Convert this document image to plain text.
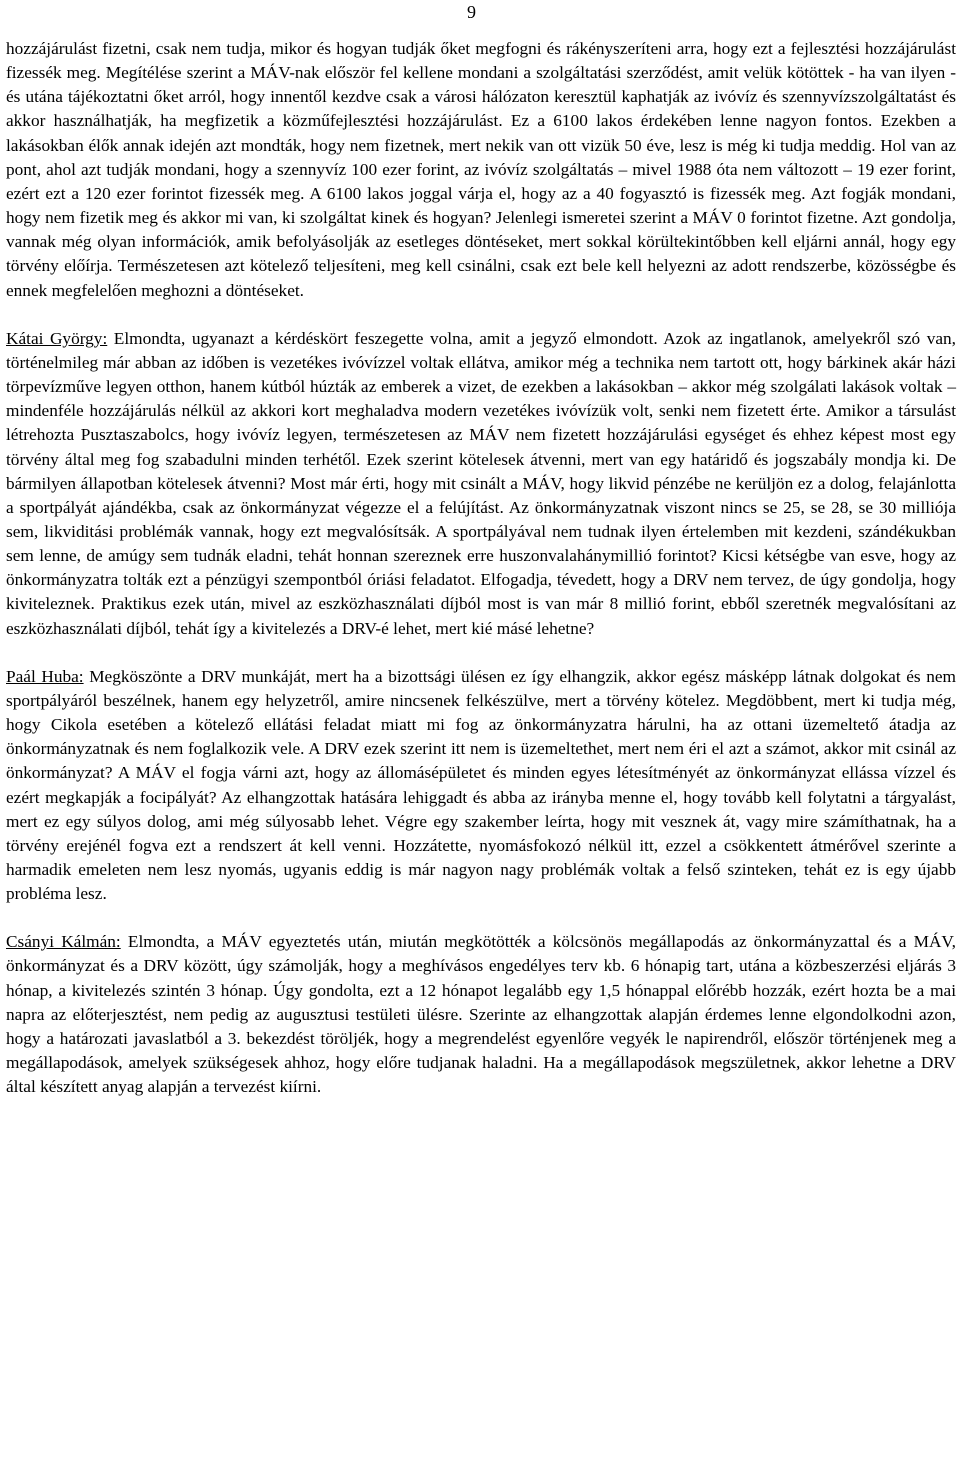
9

hozzájárulást fizetni, csak nem tudja, mikor és hogyan tudják őket megfogni és rákényszeríteni arra, hogy ezt a fejlesztési hozzájárulást fizessék meg. Megítélése szerint a MÁV-nak először fel kellene mondani a szolgáltatási szerződést, amit velük kötöttek - ha van ilyen - és utána tájékoztatni őket arról, hogy innentől kezdve csak a városi hálózaton keresztül kaphatják az ivóvíz és szennyvízszolgáltatást és akkor használhatják, ha megfizetik a közműfejlesztési hozzájárulást. Ez a 6100 lakos érdekében lenne nagyon fontos. Ezekben a lakásokban élők annak idején azt mondták, hogy nem fizetnek, mert nekik van ott vizük 50 éve, lesz is még ki tudja meddig. Hol van az pont, ahol azt tudják mondani, hogy a szennyvíz 100 ezer forint, az ivóvíz szolgáltatás – mivel 1988 óta nem változott – 19 ezer forint, ezért ezt a 120 ezer forintot fizessék meg. A 6100 lakos joggal várja el, hogy az a 40 fogyasztó is fizessék meg. Azt fogják mondani, hogy nem fizetik meg és akkor mi van, ki szolgáltat kinek és hogyan? Jelenlegi ismeretei szerint a MÁV 0 forintot fizetne. Azt gondolja, vannak még olyan információk, amik befolyásolják az esetleges döntéseket, mert sokkal körültekintőbben kell eljárni annál, hogy egy törvény előírja. Természetesen azt kötelező teljesíteni, meg kell csinálni, csak ezt bele kell helyezni az adott rendszerbe, közösségbe és ennek megfelelően meghozni a döntéseket.

Kátai György: Elmondta, ugyanazt a kérdéskört feszegette volna, amit a jegyző elmondott. Azok az ingatlanok, amelyekről szó van, történelmileg már abban az időben is vezetékes ivóvízzel voltak ellátva, amikor még a technika nem tartott ott, hogy bárkinek akár házi törpevízműve legyen otthon, hanem kútból húzták az emberek a vizet, de ezekben a lakásokban – akkor még szolgálati lakások voltak – mindenféle hozzájárulás nélkül az akkori kort meghaladva modern vezetékes ivóvízük volt, senki nem fizetett érte. Amikor a társulást létrehozta Pusztaszabolcs, hogy ivóvíz legyen, természetesen az MÁV nem fizetett hozzájárulási egységet és ehhez képest most egy törvény által meg fog szabadulni minden terhétől. Ezek szerint kötelesek átvenni, mert van egy határidő és jogszabály mondja ki. De bármilyen állapotban kötelesek átvenni? Most már érti, hogy mit csinált a MÁV, hogy likvid pénzébe ne kerüljön ez a dolog, felajánlotta a sportpályát ajándékba, csak az önkormányzat végezze el a felújítást. Az önkormányzatnak viszont nincs se 25, se 28, se 30 milliója sem, likviditási problémák vannak, hogy ezt megvalósítsák. A sportpályával nem tudnak ilyen értelemben mit kezdeni, szándékukban sem lenne, de amúgy sem tudnák eladni, tehát honnan szereznek erre huszonvalahánymillió forintot? Kicsi kétségbe van esve, hogy az önkormányzatra tolták ezt a pénzügyi szempontból óriási feladatot. Elfogadja, tévedett, hogy a DRV nem tervez, de úgy gondolja, hogy kiviteleznek. Praktikus ezek után, mivel az eszközhasználati díjból most is van már 8 millió forint, ebből szeretnék megvalósítani az eszközhasználati díjból, tehát így a kivitelezés a DRV-é lehet, mert kié másé lehetne?

Paál Huba: Megköszönte a DRV munkáját, mert ha a bizottsági ülésen ez így elhangzik, akkor egész másképp látnak dolgokat és nem sportpályáról beszélnek, hanem egy helyzetről, amire nincsenek felkészülve, mert a törvény kötelez. Megdöbbent, mert ki tudja még, hogy Cikola esetében a kötelező ellátási feladat miatt mi fog az önkormányzatra hárulni, ha az ottani üzemeltető átadja az önkormányzatnak és nem foglalkozik vele. A DRV ezek szerint itt nem is üzemeltethet, mert nem éri el azt a számot, akkor mit csinál az önkormányzat? A MÁV el fogja várni azt, hogy az állomásépületet és minden egyes létesítményét az önkormányzat ellássa vízzel és ezért megkapják a focipályát? Az elhangzottak hatására lehiggadt és abba az irányba menne el, hogy tovább kell folytatni a tárgyalást, mert ez egy súlyos dolog, ami még súlyosabb lehet. Végre egy szakember leírta, hogy mit vesznek át, vagy mire számíthatnak, ha a törvény erejénél fogva ezt a rendszert át kell venni. Hozzátette, nyomásfokozó nélkül itt, ezzel a csökkentett átmérővel szerinte a harmadik emeleten nem lesz nyomás, ugyanis eddig is már nagyon nagy problémák voltak a felső szinteken, tehát ez is egy újabb probléma lesz.

Csányi Kálmán: Elmondta, a MÁV egyeztetés után, miután megkötötték a kölcsönös megállapodás az önkormányzattal és a MÁV, önkormányzat és a DRV között, úgy számolják, hogy a meghívásos engedélyes terv kb. 6 hónapig tart, utána a közbeszerzési eljárás 3 hónap, a kivitelezés szintén 3 hónap. Úgy gondolta, ezt a 12 hónapot legalább egy 1,5 hónappal előrébb hozzák, ezért hozta be a mai napra az előterjesztést, nem pedig az augusztusi testületi ülésre. Szerinte az elhangzottak alapján érdemes lenne elgondolkodni azon, hogy a határozati javaslatból a 3. bekezdést töröljék, hogy a megrendelést egyenlőre vegyék le napirendről, először történjenek meg a megállapodások, amelyek szükségesek ahhoz, hogy előre tudjanak haladni. Ha a megállapodások megszületnek, akkor lehetne a DRV által készített anyag alapján a tervezést kiírni.
